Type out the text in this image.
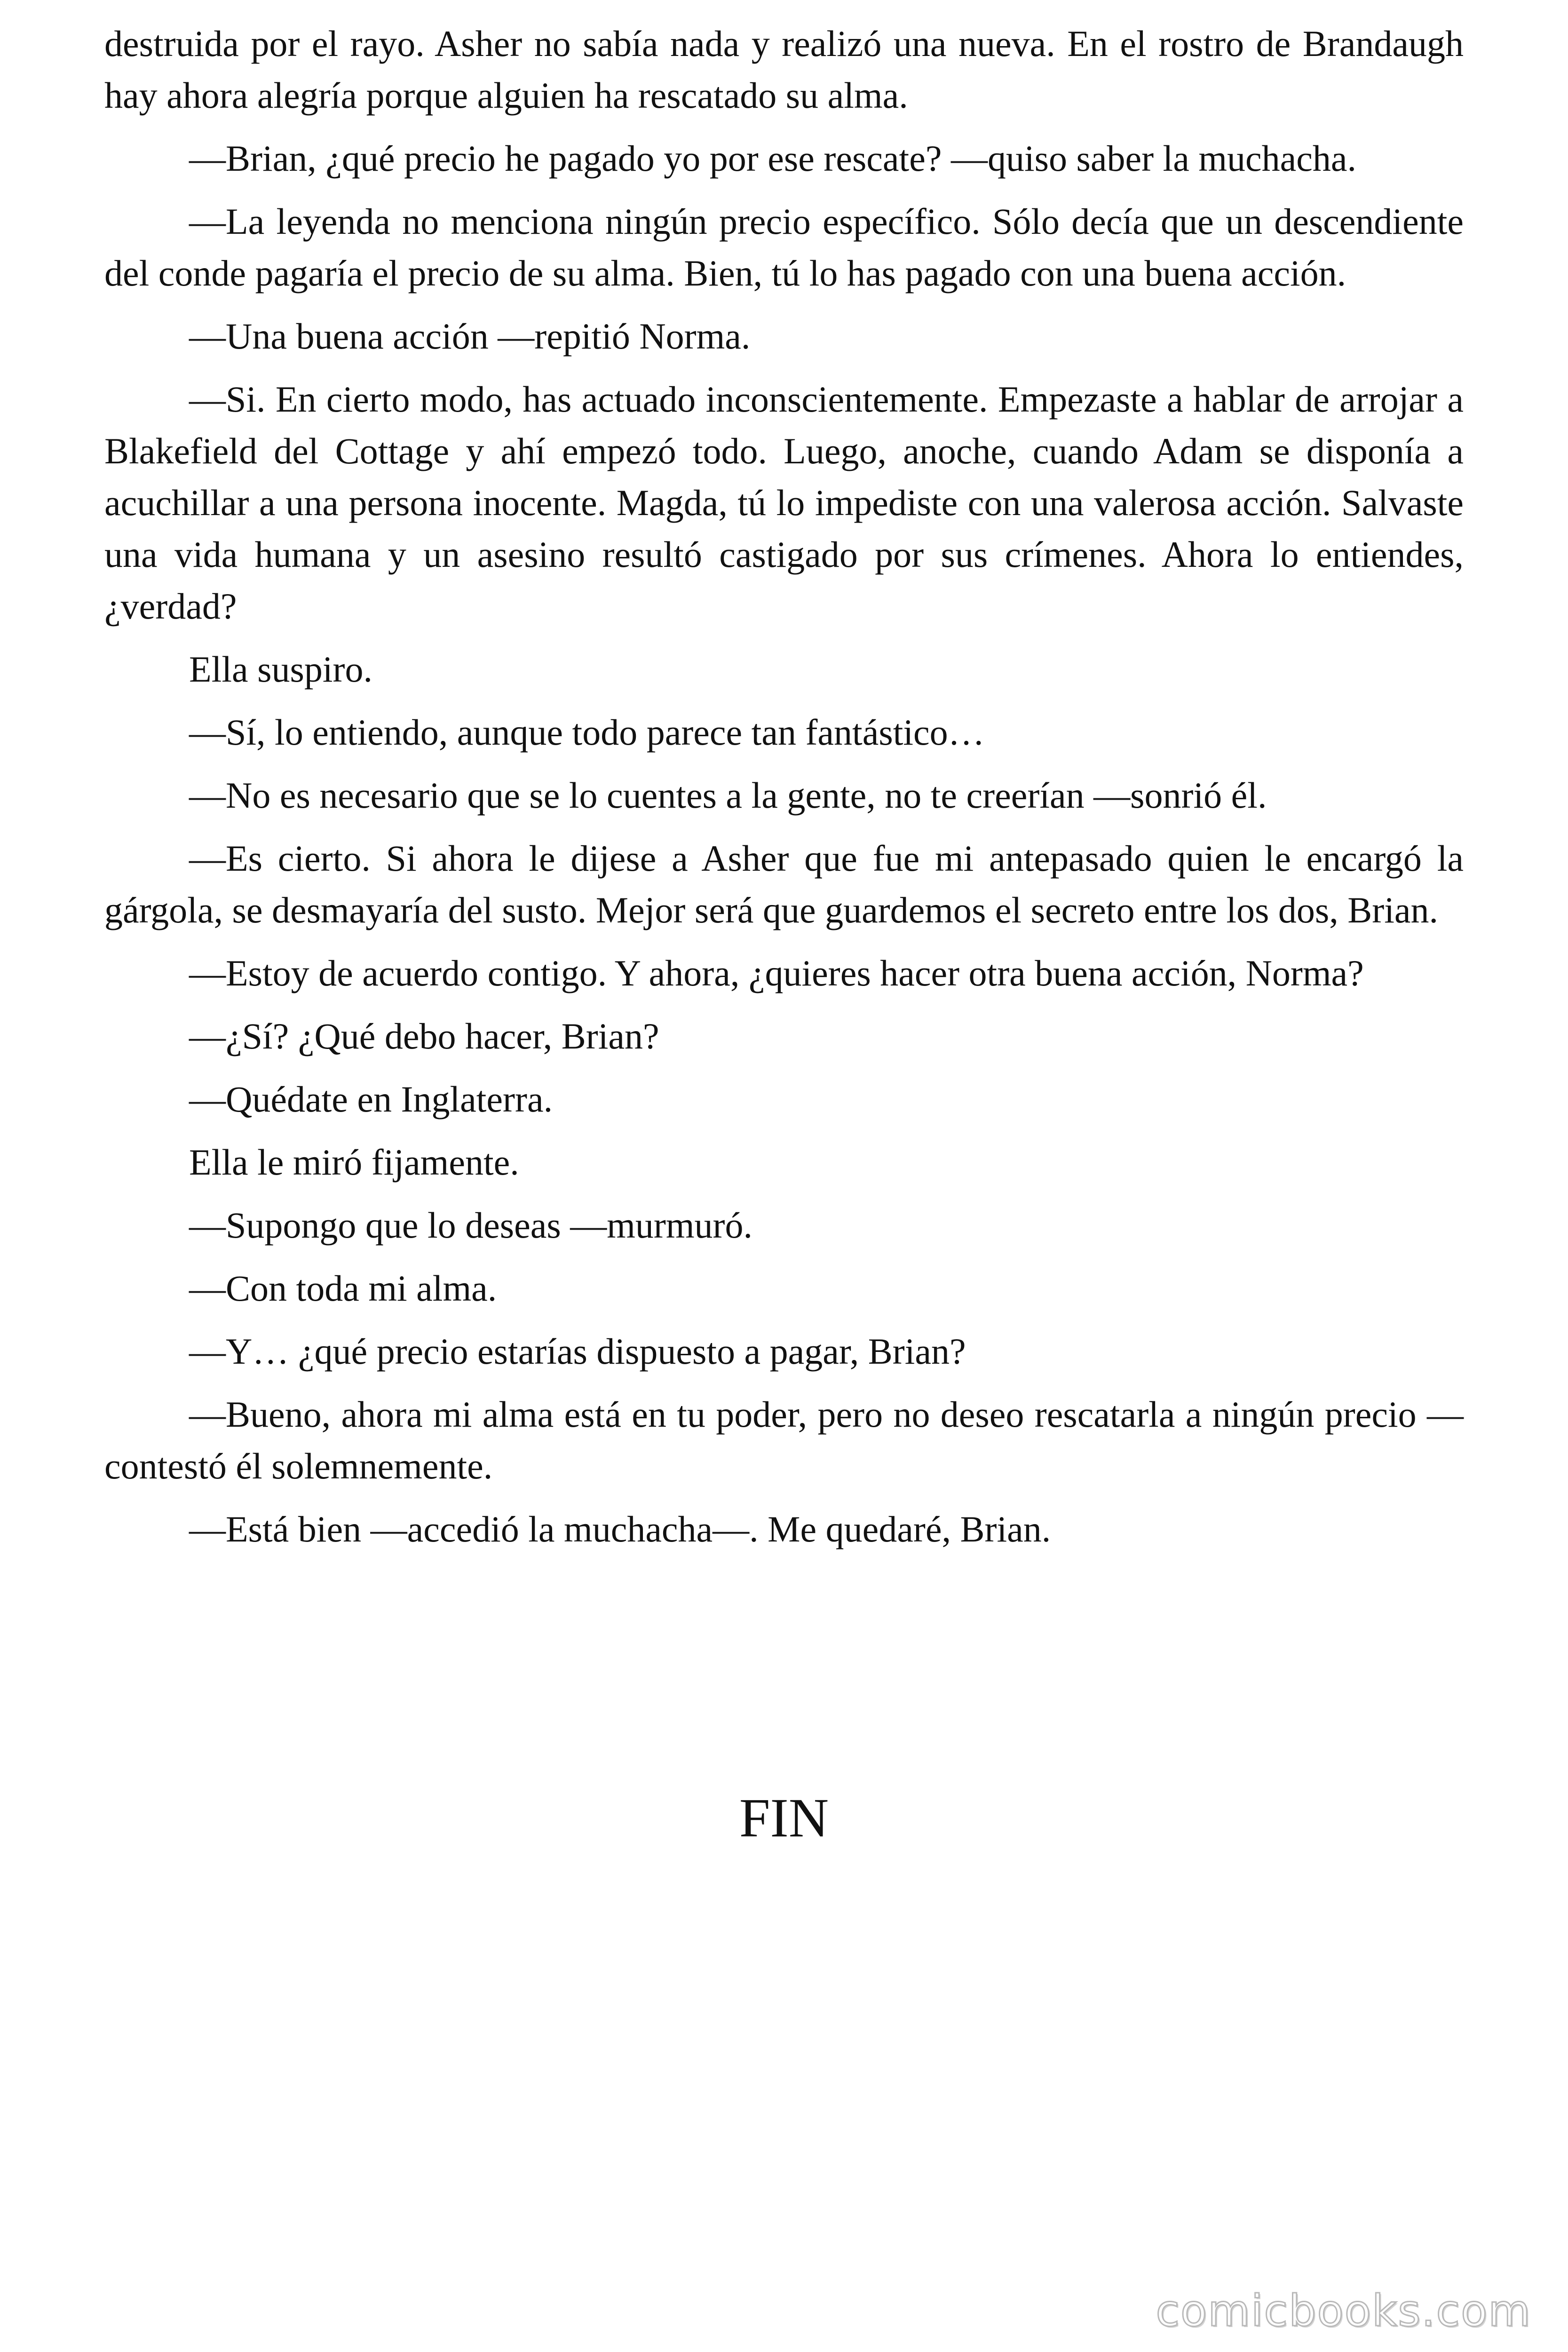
destruida por el rayo. Asher no sabía nada y realizó una nueva. En el rostro de Brandaugh hay ahora alegría porque alguien ha rescatado su alma.

—Brian, ¿qué precio he pagado yo por ese rescate? —quiso saber la muchacha.

—La leyenda no menciona ningún precio específico. Sólo decía que un descendiente del conde pagaría el precio de su alma. Bien, tú lo has pagado con una buena acción.

—Una buena acción —repitió Norma.

—Si. En cierto modo, has actuado inconscientemente. Empezaste a hablar de arrojar a Blakefield del Cottage y ahí empezó todo. Luego, anoche, cuando Adam se disponía a acuchillar a una persona inocente. Magda, tú lo impediste con una valerosa acción. Salvaste una vida humana y un asesino resultó castigado por sus crímenes. Ahora lo entiendes, ¿verdad?

Ella suspiro.

—Sí, lo entiendo, aunque todo parece tan fantástico…

—No es necesario que se lo cuentes a la gente, no te creerían —sonrió él.

—Es cierto. Si ahora le dijese a Asher que fue mi antepasado quien le encargó la gárgola, se desmayaría del susto. Mejor será que guardemos el secreto entre los dos, Brian.

—Estoy de acuerdo contigo. Y ahora, ¿quieres hacer otra buena acción, Norma?

—¿Sí? ¿Qué debo hacer, Brian?

—Quédate en Inglaterra.

Ella le miró fijamente.

—Supongo que lo deseas —murmuró.

—Con toda mi alma.

—Y… ¿qué precio estarías dispuesto a pagar, Brian?

—Bueno, ahora mi alma está en tu poder, pero no deseo rescatarla a ningún precio —contestó él solemnemente.

—Está bien —accedió la muchacha—. Me quedaré, Brian.

FIN
comicbooks.com
